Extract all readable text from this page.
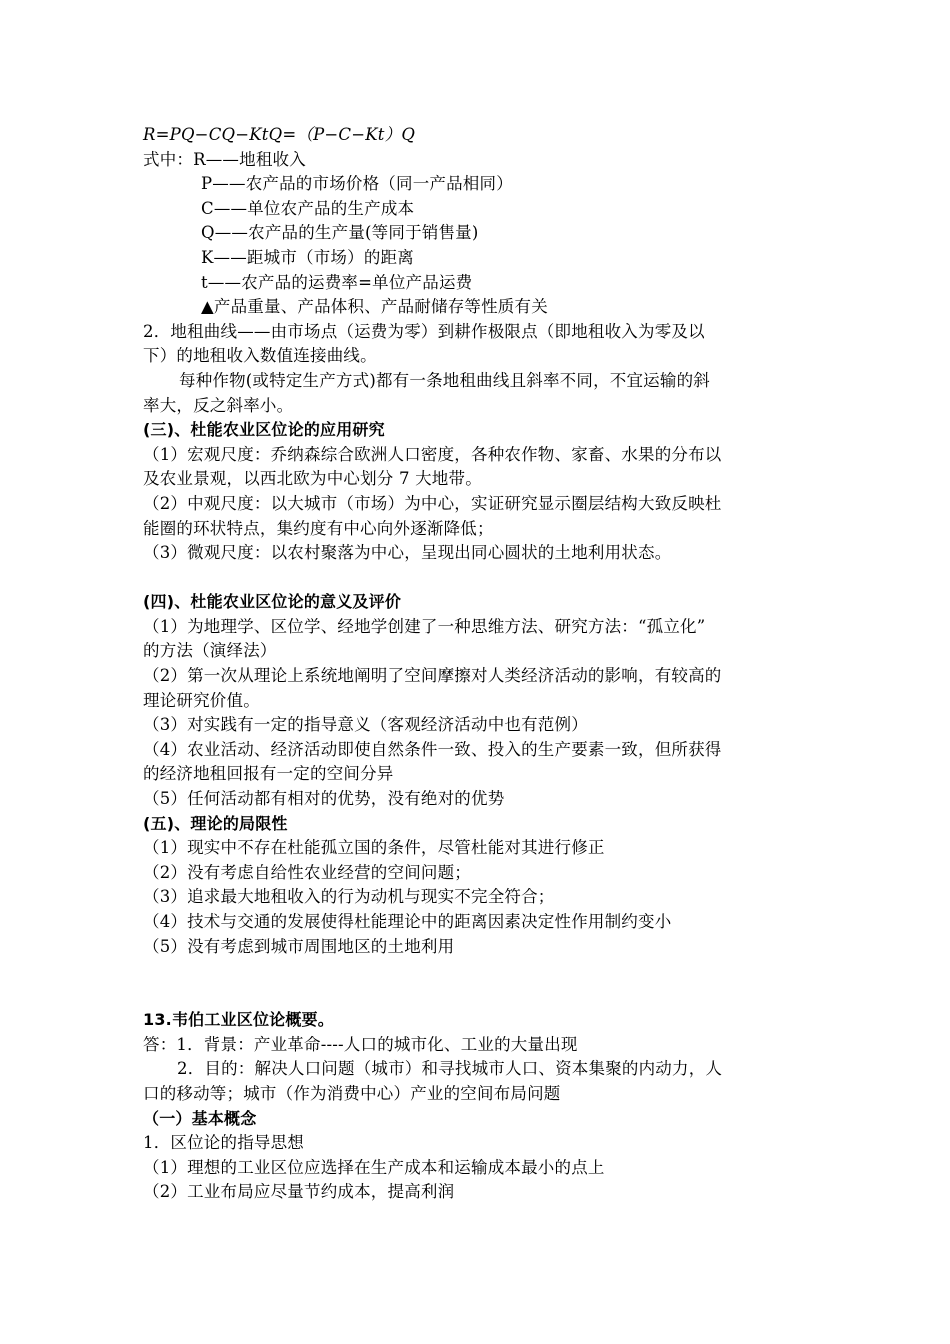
R=PQ−CQ−KtQ=（P−C−Kt）Q
式中：R——地租收入
P——农产品的市场价格（同一产品相同）
C——单位农产品的生产成本
Q——农产品的生产量(等同于销售量)
K——距城市（市场）的距离
t——农产品的运费率=单位产品运费
▲产品重量、产品体积、产品耐储存等性质有关
2．地租曲线——由市场点（运费为零）到耕作极限点（即地租收入为零及以
下）的地租收入数值连接曲线。
每种作物(或特定生产方式)都有一条地租曲线且斜率不同，不宜运输的斜
率大，反之斜率小。
(三)、杜能农业区位论的应用研究
（1）宏观尺度：乔纳森综合欧洲人口密度，各种农作物、家畜、水果的分布以
及农业景观，以西北欧为中心划分 7 大地带。
（2）中观尺度：以大城市（市场）为中心，实证研究显示圈层结构大致反映杜
能圈的环状特点，集约度有中心向外逐渐降低；
（3）微观尺度：以农村聚落为中心，呈现出同心圆状的土地利用状态。
(四)、杜能农业区位论的意义及评价
（1）为地理学、区位学、经地学创建了一种思维方法、研究方法：“孤立化”
的方法（演绎法）
（2）第一次从理论上系统地阐明了空间摩擦对人类经济活动的影响，有较高的
理论研究价值。
（3）对实践有一定的指导意义（客观经济活动中也有范例）
（4）农业活动、经济活动即使自然条件一致、投入的生产要素一致，但所获得
的经济地租回报有一定的空间分异
（5）任何活动都有相对的优势，没有绝对的优势
(五)、理论的局限性
（1）现实中不存在杜能孤立国的条件，尽管杜能对其进行修正
（2）没有考虑自给性农业经营的空间问题；
（3）追求最大地租收入的行为动机与现实不完全符合；
（4）技术与交通的发展使得杜能理论中的距离因素决定性作用制约变小
（5）没有考虑到城市周围地区的土地利用
13.韦伯工业区位论概要。
答：1．背景：产业革命----人口的城市化、工业的大量出现
2．目的：解决人口问题（城市）和寻找城市人口、资本集聚的内动力，人
口的移动等；城市（作为消费中心）产业的空间布局问题
（一）基本概念
1．区位论的指导思想
（1）理想的工业区位应选择在生产成本和运输成本最小的点上
（2）工业布局应尽量节约成本，提高利润
